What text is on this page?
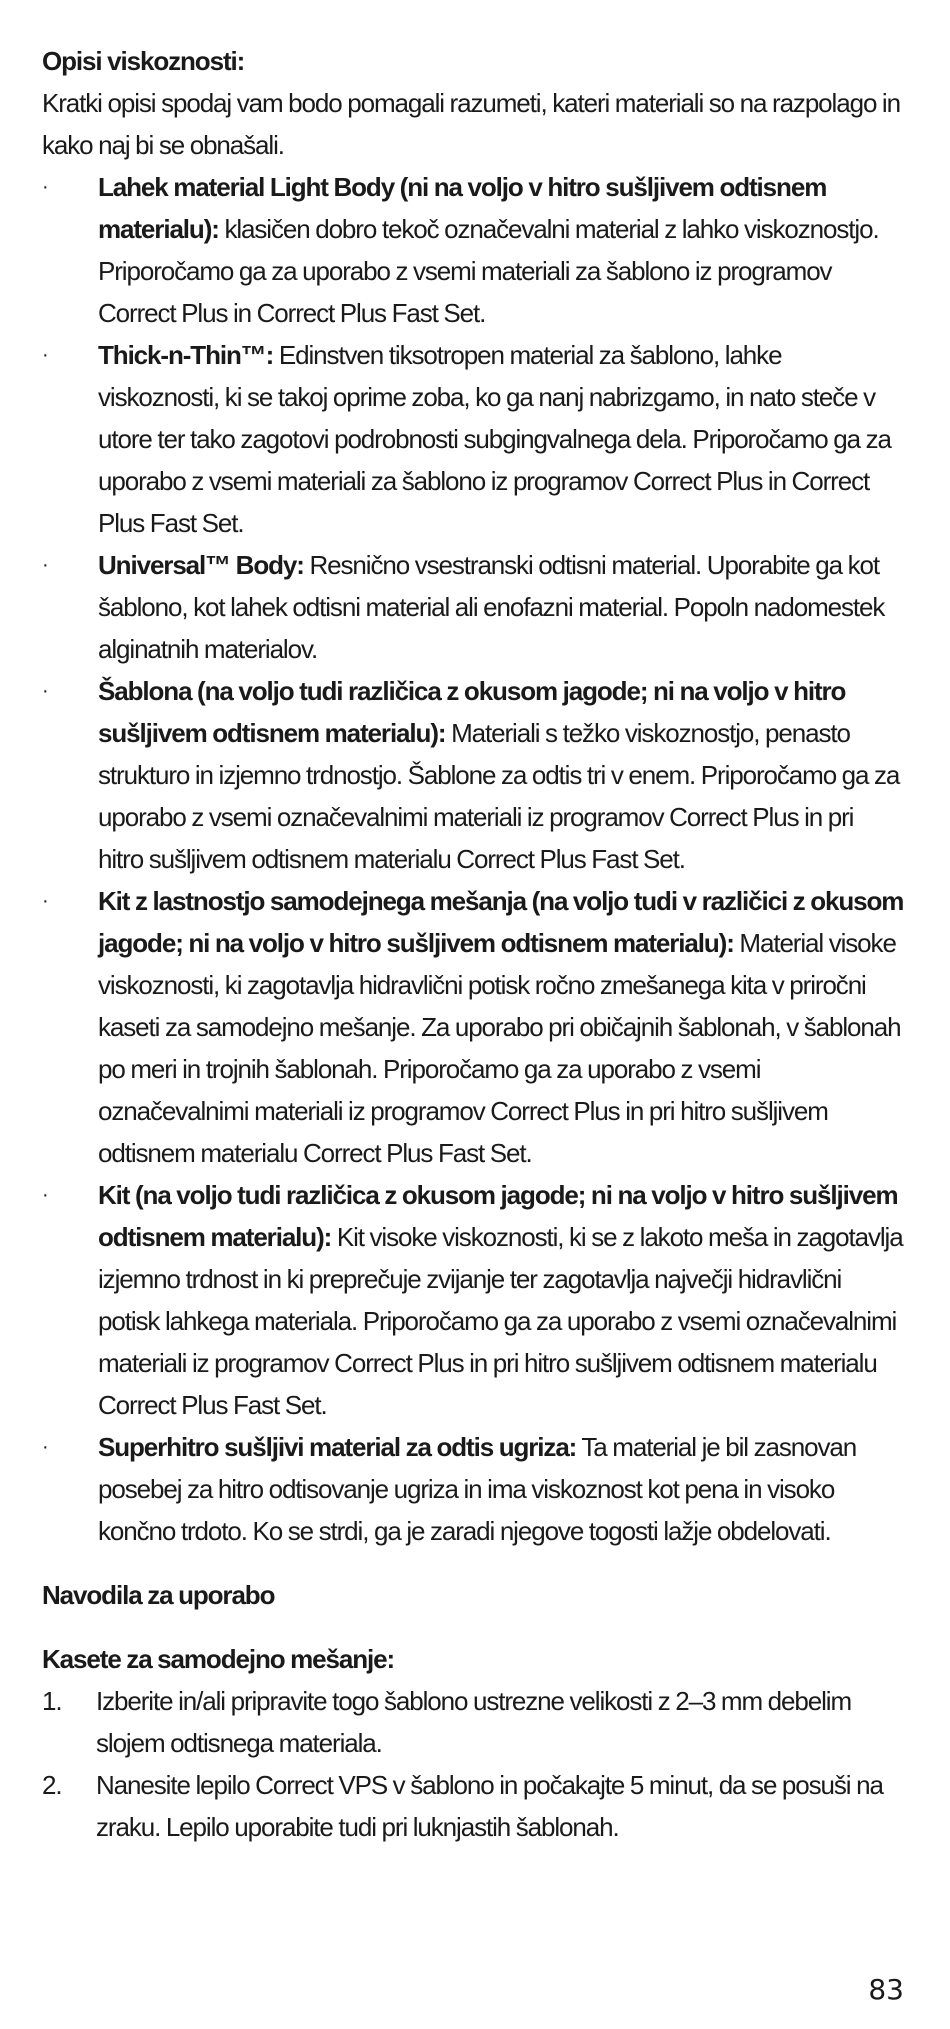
Opisi viskoznosti:

Kratki opisi spodaj vam bodo pomagali razumeti, kateri materiali so na razpolago in kako naj bi se obnašali.

·	Lahek material Light Body (ni na voljo v hitro sušljivem odtisnem materialu): klasičen dobro tekoč označevalni material z lahko viskoznostjo. Priporočamo ga za uporabo z vsemi materiali za šablono iz programov Correct Plus in Correct Plus Fast Set.
·	Thick-n-Thin™: Edinstven tiksotropen material za šablono, lahke viskoznosti, ki se takoj oprime zoba, ko ga nanj nabrizgamo, in nato steče v utore ter tako zagotovi podrobnosti subgingvalnega dela. Priporočamo ga za uporabo z vsemi materiali za šablono iz programov Correct Plus in Correct Plus Fast Set.
·	Universal™ Body: Resnično vsestranski odtisni material. Uporabite ga kot šablono, kot lahek odtisni material ali enofazni material. Popoln nadomestek alginatnih materialov.
·	Šablona (na voljo tudi različica z okusom jagode; ni na voljo v hitro sušljivem odtisnem materialu): Materiali s težko viskoznostjo, penasto strukturo in izjemno trdnostjo. Šablone za odtis tri v enem. Priporočamo ga za uporabo z vsemi označevalnimi materiali iz programov Correct Plus in pri hitro sušljivem odtisnem materialu Correct Plus Fast Set.
·	Kit z lastnostjo samodejnega mešanja (na voljo tudi v različici z okusom jagode; ni na voljo v hitro sušljivem odtisnem materialu): Material visoke viskoznosti, ki zagotavlja hidravlični potisk ročno zmešanega kita v priročni kaseti za samodejno mešanje. Za uporabo pri običajnih šablonah, v šablonah po meri in trojnih šablonah. Priporočamo ga za uporabo z vsemi označevalnimi materiali iz programov Correct Plus in pri hitro sušljivem odtisnem materialu Correct Plus Fast Set.
·	Kit (na voljo tudi različica z okusom jagode; ni na voljo v hitro sušljivem odtisnem materialu): Kit visoke viskoznosti, ki se z lakoto meša in zagotavlja izjemno trdnost in ki preprečuje zvijanje ter zagotavlja največji hidravlični potisk lahkega materiala. Priporočamo ga za uporabo z vsemi označevalnimi materiali iz programov Correct Plus in pri hitro sušljivem odtisnem materialu Correct Plus Fast Set.
·	Superhitro sušljivi material za odtis ugriza: Ta material je bil zasnovan posebej za hitro odtisovanje ugriza in ima viskoznost kot pena in visoko končno trdoto. Ko se strdi, ga je zaradi njegove togosti lažje obdelovati.

Navodila za uporabo

Kasete za samodejno mešanje:

1. Izberite in/ali pripravite togo šablono ustrezne velikosti z 2–3 mm debelim slojem odtisnega materiala.
2. Nanesite lepilo Correct VPS v šablono in počakajte 5 minut, da se posuši na zraku. Lepilo uporabite tudi pri luknjastih šablonah.
83
